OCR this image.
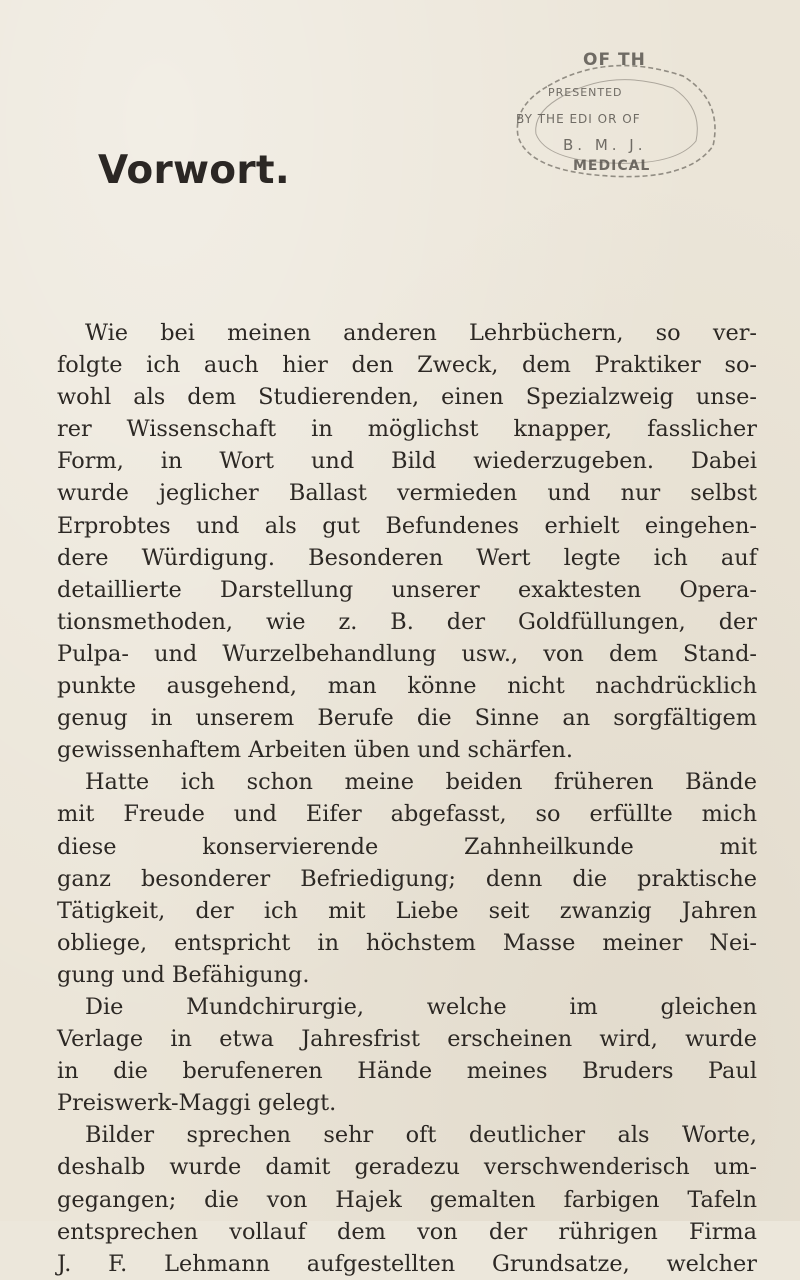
OF TH
PRESENTED
BY THE EDI OR OF
B. M. J.
MEDICAL
Vorwort.
Wie bei meinen anderen Lehrbüchern, so ver-
folgte ich auch hier den Zweck, dem Praktiker so-
wohl als dem Studierenden, einen Spezialzweig unse-
rer Wissenschaft in möglichst knapper, fasslicher
Form, in Wort und Bild wiederzugeben. Dabei
wurde jeglicher Ballast vermieden und nur selbst
Erprobtes und als gut Befundenes erhielt eingehen-
dere Würdigung. Besonderen Wert legte ich auf
detaillierte Darstellung unserer exaktesten Opera-
tionsmethoden, wie z. B. der Goldfüllungen, der
Pulpa- und Wurzelbehandlung usw., von dem Stand-
punkte ausgehend, man könne nicht nachdrücklich
genug in unserem Berufe die Sinne an sorgfältigem
gewissenhaftem Arbeiten üben und schärfen.
Hatte ich schon meine beiden früheren Bände
mit Freude und Eifer abgefasst, so erfüllte mich
diese konservierende Zahnheilkunde mit
ganz besonderer Befriedigung; denn die praktische
Tätigkeit, der ich mit Liebe seit zwanzig Jahren
obliege, entspricht in höchstem Masse meiner Nei-
gung und Befähigung.
Die Mundchirurgie, welche im gleichen
Verlage in etwa Jahresfrist erscheinen wird, wurde
in die berufeneren Hände meines Bruders Paul
Preiswerk-Maggi gelegt.
Bilder sprechen sehr oft deutlicher als Worte,
deshalb wurde damit geradezu verschwenderisch um-
gegangen; die von Hajek gemalten farbigen Tafeln
entsprechen vollauf dem von der rührigen Firma
J. F. Lehmann aufgestellten Grundsatze, welcher
